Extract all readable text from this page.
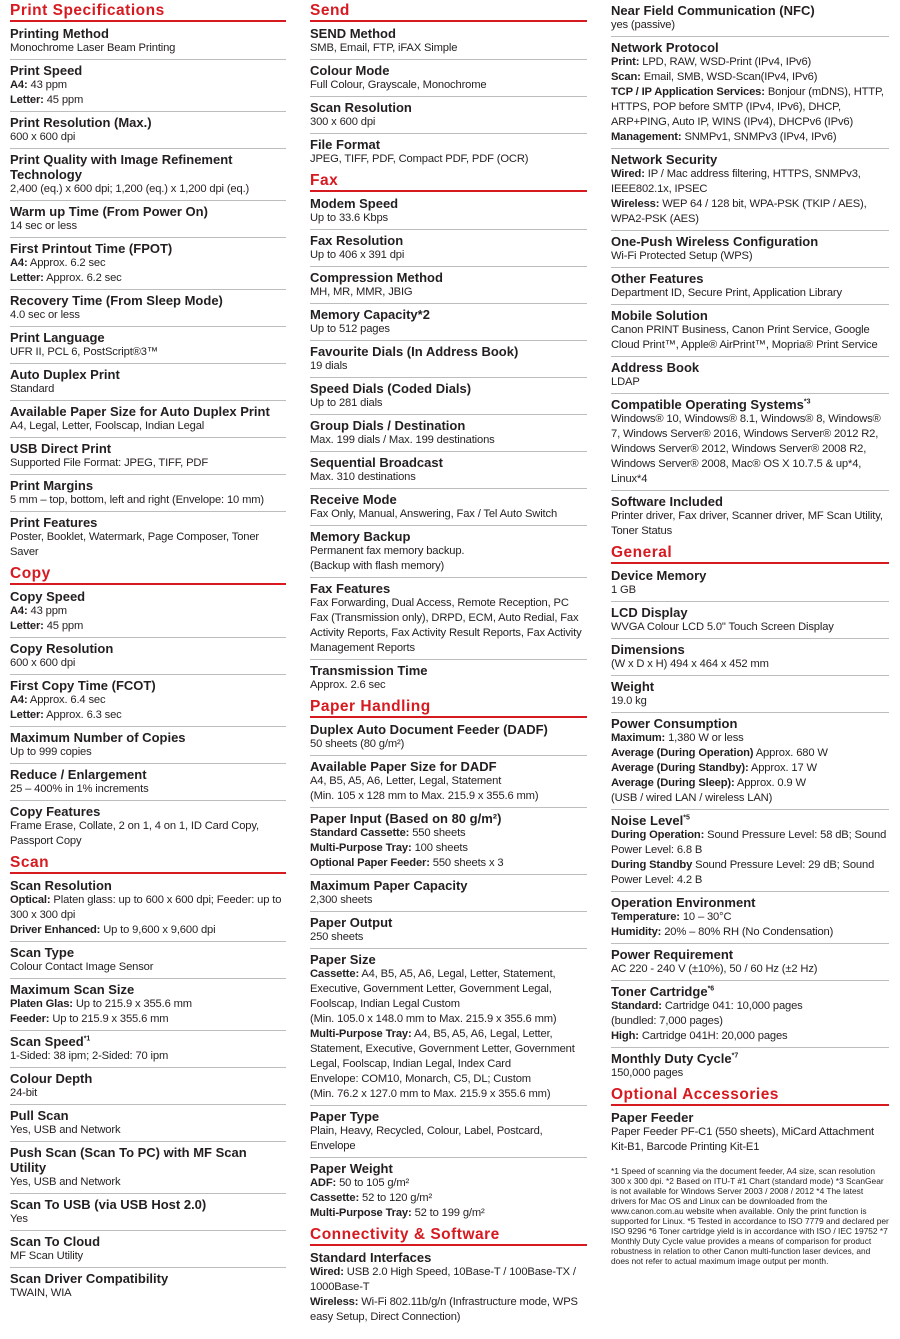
Print Specifications
Printing Method
Monochrome Laser Beam Printing
Print Speed
A4: 43 ppm
Letter: 45 ppm
Print Resolution (Max.)
600 x 600 dpi
Print Quality with Image Refinement Technology
2,400 (eq.) x 600 dpi; 1,200 (eq.) x 1,200 dpi (eq.)
Warm up Time (From Power On)
14 sec or less
First Printout Time (FPOT)
A4: Approx. 6.2 sec
Letter: Approx. 6.2 sec
Recovery Time (From Sleep Mode)
4.0 sec or less
Print Language
UFR II, PCL 6, PostScript®3™
Auto Duplex Print
Standard
Available Paper Size for Auto Duplex Print
A4, Legal, Letter, Foolscap, Indian Legal
USB Direct Print
Supported File Format: JPEG, TIFF, PDF
Print Margins
5 mm – top, bottom, left and right (Envelope: 10 mm)
Print Features
Poster, Booklet, Watermark, Page Composer, Toner Saver
Copy
Copy Speed
A4: 43 ppm
Letter: 45 ppm
Copy Resolution
600 x 600 dpi
First Copy Time (FCOT)
A4: Approx. 6.4 sec
Letter: Approx. 6.3 sec
Maximum Number of Copies
Up to 999 copies
Reduce / Enlargement
25 – 400% in 1% increments
Copy Features
Frame Erase, Collate, 2 on 1, 4 on 1, ID Card Copy, Passport Copy
Scan
Scan Resolution
Optical: Platen glass: up to 600 x 600 dpi; Feeder: up to 300 x 300 dpi
Driver Enhanced: Up to 9,600 x 9,600 dpi
Scan Type
Colour Contact Image Sensor
Maximum Scan Size
Platen Glas: Up to 215.9 x 355.6 mm
Feeder: Up to 215.9 x 355.6 mm
Scan Speed$^{*1}$
1-Sided: 38 ipm; 2-Sided: 70 ipm
Colour Depth
24-bit
Pull Scan
Yes, USB and Network
Push Scan (Scan To PC) with MF Scan Utility
Yes, USB and Network
Scan To USB (via USB Host 2.0)
Yes
Scan To Cloud
MF Scan Utility
Scan Driver Compatibility
TWAIN, WIA
Send
SEND Method
SMB, Email, FTP, iFAX Simple
Colour Mode
Full Colour, Grayscale, Monochrome
Scan Resolution
300 x 600 dpi
File Format
JPEG, TIFF, PDF, Compact PDF, PDF (OCR)
Fax
Modem Speed
Up to 33.6 Kbps
Fax Resolution
Up to 406 x 391 dpi
Compression Method
MH, MR, MMR, JBIG
Memory Capacity*2
Up to 512 pages
Favourite Dials (In Address Book)
19 dials
Speed Dials (Coded Dials)
Up to 281 dials
Group Dials / Destination
Max. 199 dials / Max. 199 destinations
Sequential Broadcast
Max. 310 destinations
Receive Mode
Fax Only, Manual, Answering, Fax / Tel Auto Switch
Memory Backup
Permanent fax memory backup.
(Backup with flash memory)
Fax Features
Fax Forwarding, Dual Access, Remote Reception, PC Fax (Transmission only), DRPD, ECM, Auto Redial, Fax Activity Reports, Fax Activity Result Reports, Fax Activity Management Reports
Transmission Time
Approx. 2.6 sec
Paper Handling
Duplex Auto Document Feeder (DADF)
50 sheets (80 g/m²)
Available Paper Size for DADF
A4, B5, A5, A6, Letter, Legal, Statement
(Min. 105 x 128 mm to Max. 215.9 x 355.6 mm)
Paper Input (Based on 80 g/m²)
Standard Cassette: 550 sheets
Multi-Purpose Tray: 100 sheets
Optional Paper Feeder: 550 sheets x 3
Maximum Paper Capacity
2,300 sheets
Paper Output
250 sheets
Paper Size
Cassette: A4, B5, A5, A6, Legal, Letter, Statement, Executive, Government Letter, Government Legal, Foolscap, Indian Legal Custom
(Min. 105.0 x 148.0 mm to Max. 215.9 x 355.6 mm)
Multi-Purpose Tray: A4, B5, A5, A6, Legal, Letter, Statement, Executive, Government Letter, Government Legal, Foolscap, Indian Legal, Index Card
Envelope: COM10, Monarch, C5, DL; Custom
(Min. 76.2 x 127.0 mm to Max. 215.9 x 355.6 mm)
Paper Type
Plain, Heavy, Recycled, Colour, Label, Postcard, Envelope
Paper Weight
ADF: 50 to 105 g/m²
Cassette: 52 to 120 g/m²
Multi-Purpose Tray: 52 to 199 g/m²
Connectivity & Software
Standard Interfaces
Wired: USB 2.0 High Speed, 10Base-T / 100Base-TX / 1000Base-T
Wireless: Wi-Fi 802.11b/g/n (Infrastructure mode, WPS easy Setup, Direct Connection)
Near Field Communication (NFC)
yes (passive)
Network Protocol
Print: LPD, RAW, WSD-Print (IPv4, IPv6)
Scan: Email, SMB, WSD-Scan(IPv4, IPv6)
TCP / IP Application Services: Bonjour (mDNS), HTTP, HTTPS, POP before SMTP (IPv4, IPv6), DHCP, ARP+PING, Auto IP, WINS (IPv4), DHCPv6 (IPv6)
Management: SNMPv1, SNMPv3 (IPv4, IPv6)
Network Security
Wired: IP / Mac address filtering, HTTPS, SNMPv3, IEEE802.1x, IPSEC
Wireless: WEP 64 / 128 bit, WPA-PSK (TKIP / AES), WPA2-PSK (AES)
One-Push Wireless Configuration
Wi-Fi Protected Setup (WPS)
Other Features
Department ID, Secure Print, Application Library
Mobile Solution
Canon PRINT Business, Canon Print Service, Google Cloud Print™, Apple® AirPrint™, Mopria® Print Service
Address Book
LDAP
Compatible Operating Systems$^{*3}$
Windows® 10, Windows® 8.1, Windows® 8, Windows® 7, Windows Server® 2016, Windows Server® 2012 R2, Windows Server® 2012, Windows Server® 2008 R2, Windows Server® 2008, Mac® OS X 10.7.5 & up*4, Linux*4
Software Included
Printer driver, Fax driver, Scanner driver, MF Scan Utility, Toner Status
General
Device Memory
1 GB
LCD Display
WVGA Colour LCD 5.0" Touch Screen Display
Dimensions
(W x D x H) 494 x 464 x 452 mm
Weight
19.0 kg
Power Consumption
Maximum: 1,380 W or less
Average (During Operation) Approx. 680 W
Average (During Standby): Approx. 17 W
Average (During Sleep): Approx. 0.9 W
(USB / wired LAN / wireless LAN)
Noise Level$^{*5}$
During Operation: Sound Pressure Level: 58 dB; Sound Power Level: 6.8 B
During Standby Sound Pressure Level: 29 dB; Sound Power Level: 4.2 B
Operation Environment
Temperature: 10 – 30°C
Humidity: 20% – 80% RH (No Condensation)
Power Requirement
AC 220 - 240 V (±10%), 50 / 60 Hz (±2 Hz)
Toner Cartridge$^{*6}$
Standard: Cartridge 041: 10,000 pages
(bundled: 7,000 pages)
High: Cartridge 041H: 20,000 pages
Monthly Duty Cycle$^{*7}$
150,000 pages
Optional Accessories
Paper Feeder
Paper Feeder PF-C1 (550 sheets), MiCard Attachment Kit-B1, Barcode Printing Kit-E1
*1 Speed of scanning via the document feeder, A4 size, scan resolution 300 x 300 dpi. *2 Based on ITU-T #1 Chart (standard mode) *3 ScanGear is not available for Windows Server 2003 / 2008 / 2012 *4 The latest drivers for Mac OS and Linux can be downloaded from the www.canon.com.au website when available. Only the print function is supported for Linux. *5 Tested in accordance to ISO 7779 and declared per ISO 9296 *6 Toner cartridge yield is in accordance with ISO / IEC 19752 *7 Monthly Duty Cycle value provides a means of comparison for product robustness in relation to other Canon multi-function laser devices, and does not refer to actual maximum image output per month.
